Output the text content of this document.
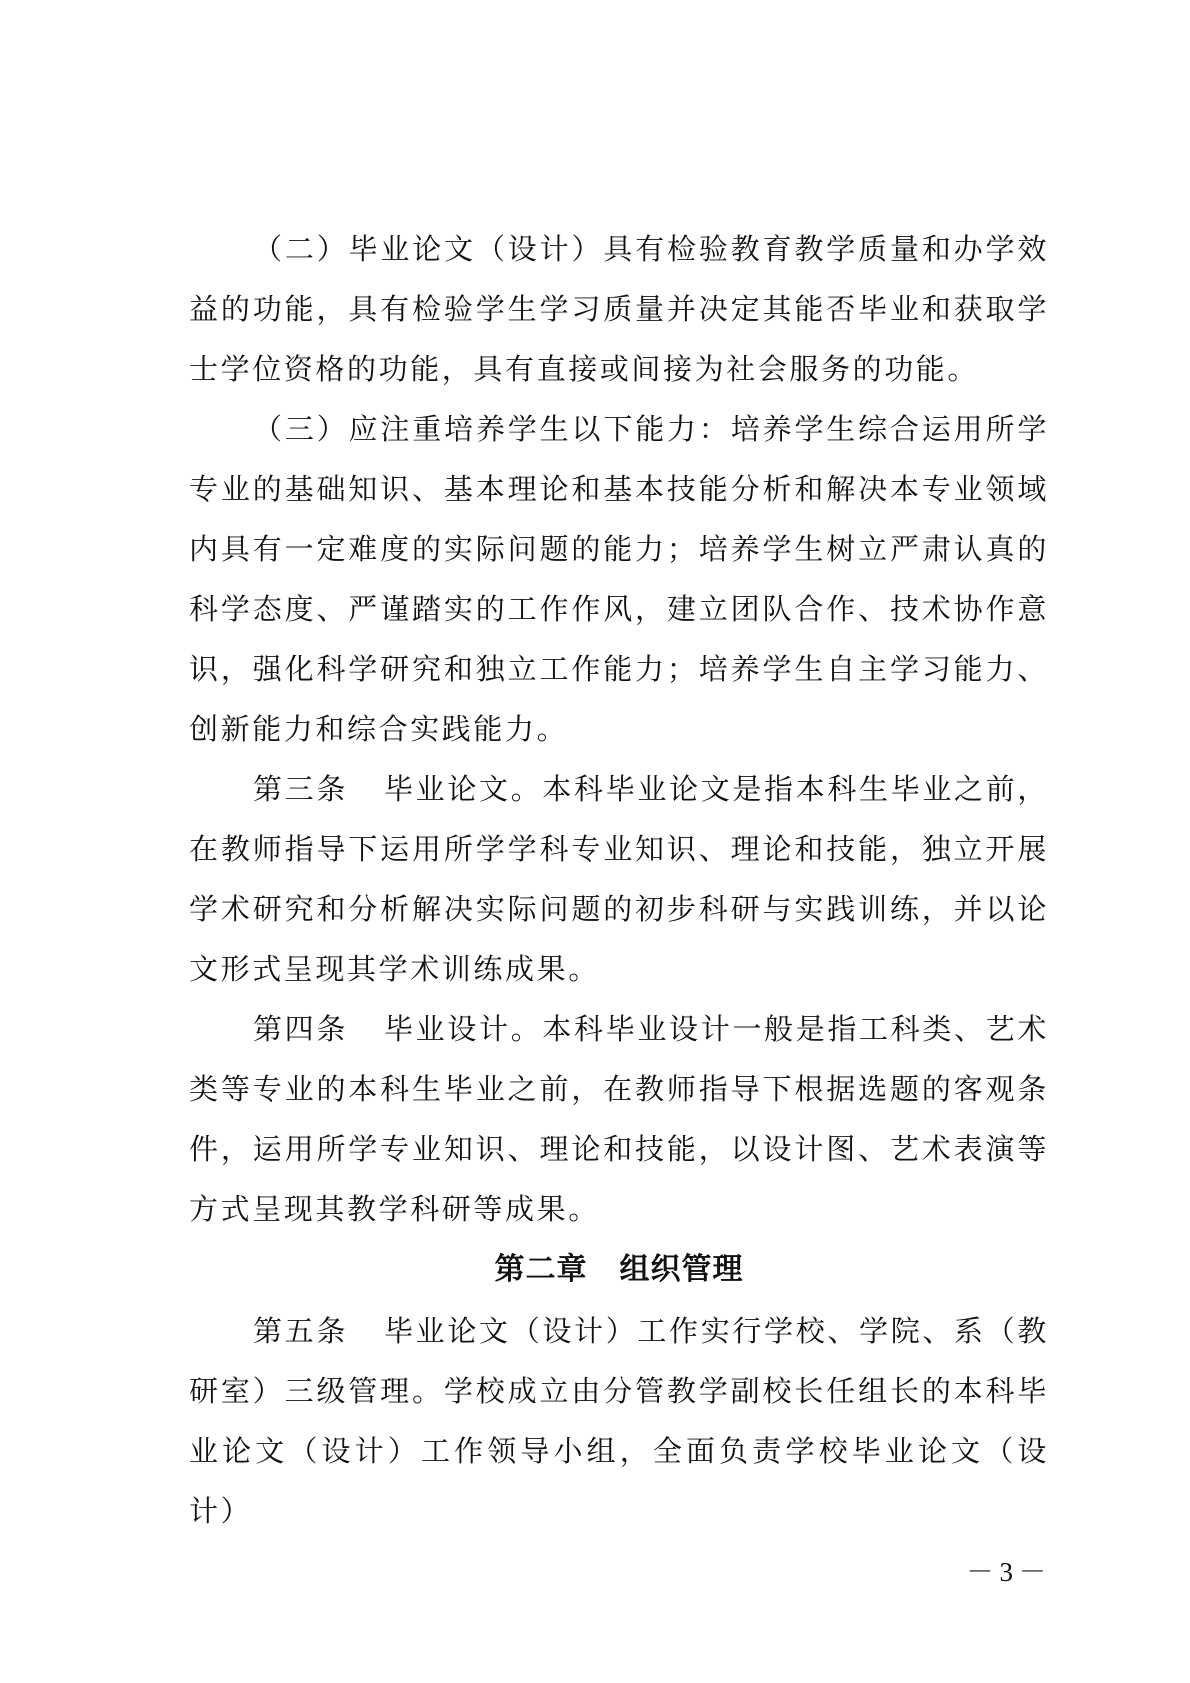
（二）毕业论文（设计）具有检验教育教学质量和办学效益的功能，具有检验学生学习质量并决定其能否毕业和获取学士学位资格的功能，具有直接或间接为社会服务的功能。

（三）应注重培养学生以下能力：培养学生综合运用所学专业的基础知识、基本理论和基本技能分析和解决本专业领域内具有一定难度的实际问题的能力；培养学生树立严肃认真的科学态度、严谨踏实的工作作风，建立团队合作、技术协作意识，强化科学研究和独立工作能力；培养学生自主学习能力、创新能力和综合实践能力。

第三条 毕业论文。本科毕业论文是指本科生毕业之前，在教师指导下运用所学学科专业知识、理论和技能，独立开展学术研究和分析解决实际问题的初步科研与实践训练，并以论文形式呈现其学术训练成果。

第四条 毕业设计。本科毕业设计一般是指工科类、艺术类等专业的本科生毕业之前，在教师指导下根据选题的客观条件，运用所学专业知识、理论和技能，以设计图、艺术表演等方式呈现其教学科研等成果。

第二章 组织管理

第五条 毕业论文（设计）工作实行学校、学院、系（教研室）三级管理。学校成立由分管教学副校长任组长的本科毕业论文（设计）工作领导小组，全面负责学校毕业论文（设计）

－3－
